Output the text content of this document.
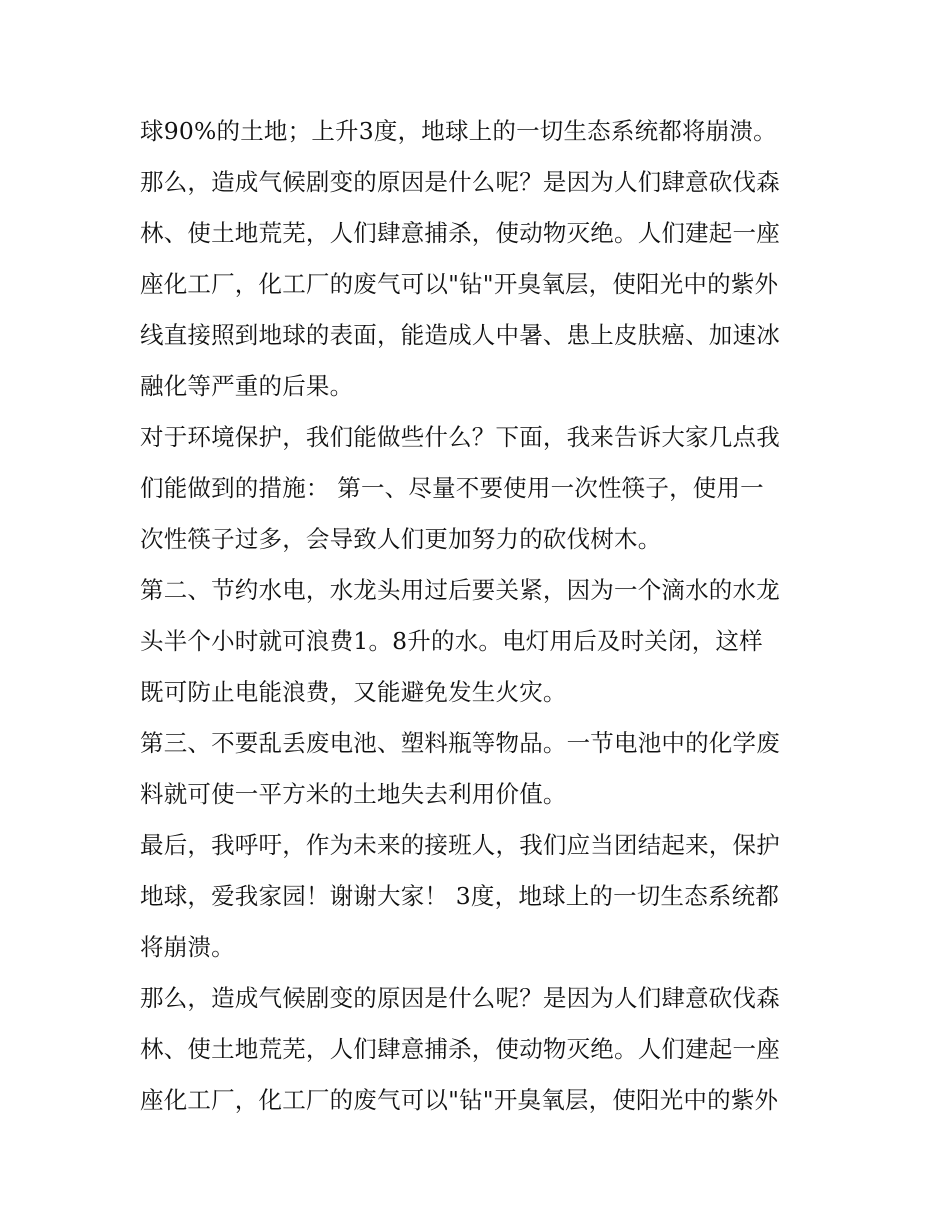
球90%的土地；上升3度，地球上的一切生态系统都将崩溃。

那么，造成气候剧变的原因是什么呢？是因为人们肆意砍伐森
林、使土地荒芜，人们肆意捕杀，使动物灭绝。人们建起一座
座化工厂，化工厂的废气可以"钻"开臭氧层，使阳光中的紫外
线直接照到地球的表面，能造成人中暑、患上皮肤癌、加速冰
融化等严重的后果。

对于环境保护，我们能做些什么？下面，我来告诉大家几点我
们能做到的措施： 第一、尽量不要使用一次性筷子，使用一
次性筷子过多，会导致人们更加努力的砍伐树木。

第二、节约水电，水龙头用过后要关紧，因为一个滴水的水龙
头半个小时就可浪费1。8升的水。电灯用后及时关闭，这样
既可防止电能浪费，又能避免发生火灾。

第三、不要乱丢废电池、塑料瓶等物品。一节电池中的化学废
料就可使一平方米的土地失去利用价值。

最后，我呼吁，作为未来的接班人，我们应当团结起来，保护
地球，爱我家园！谢谢大家！ 3度，地球上的一切生态系统都
将崩溃。

那么，造成气候剧变的原因是什么呢？是因为人们肆意砍伐森
林、使土地荒芜，人们肆意捕杀，使动物灭绝。人们建起一座
座化工厂，化工厂的废气可以"钻"开臭氧层，使阳光中的紫外
